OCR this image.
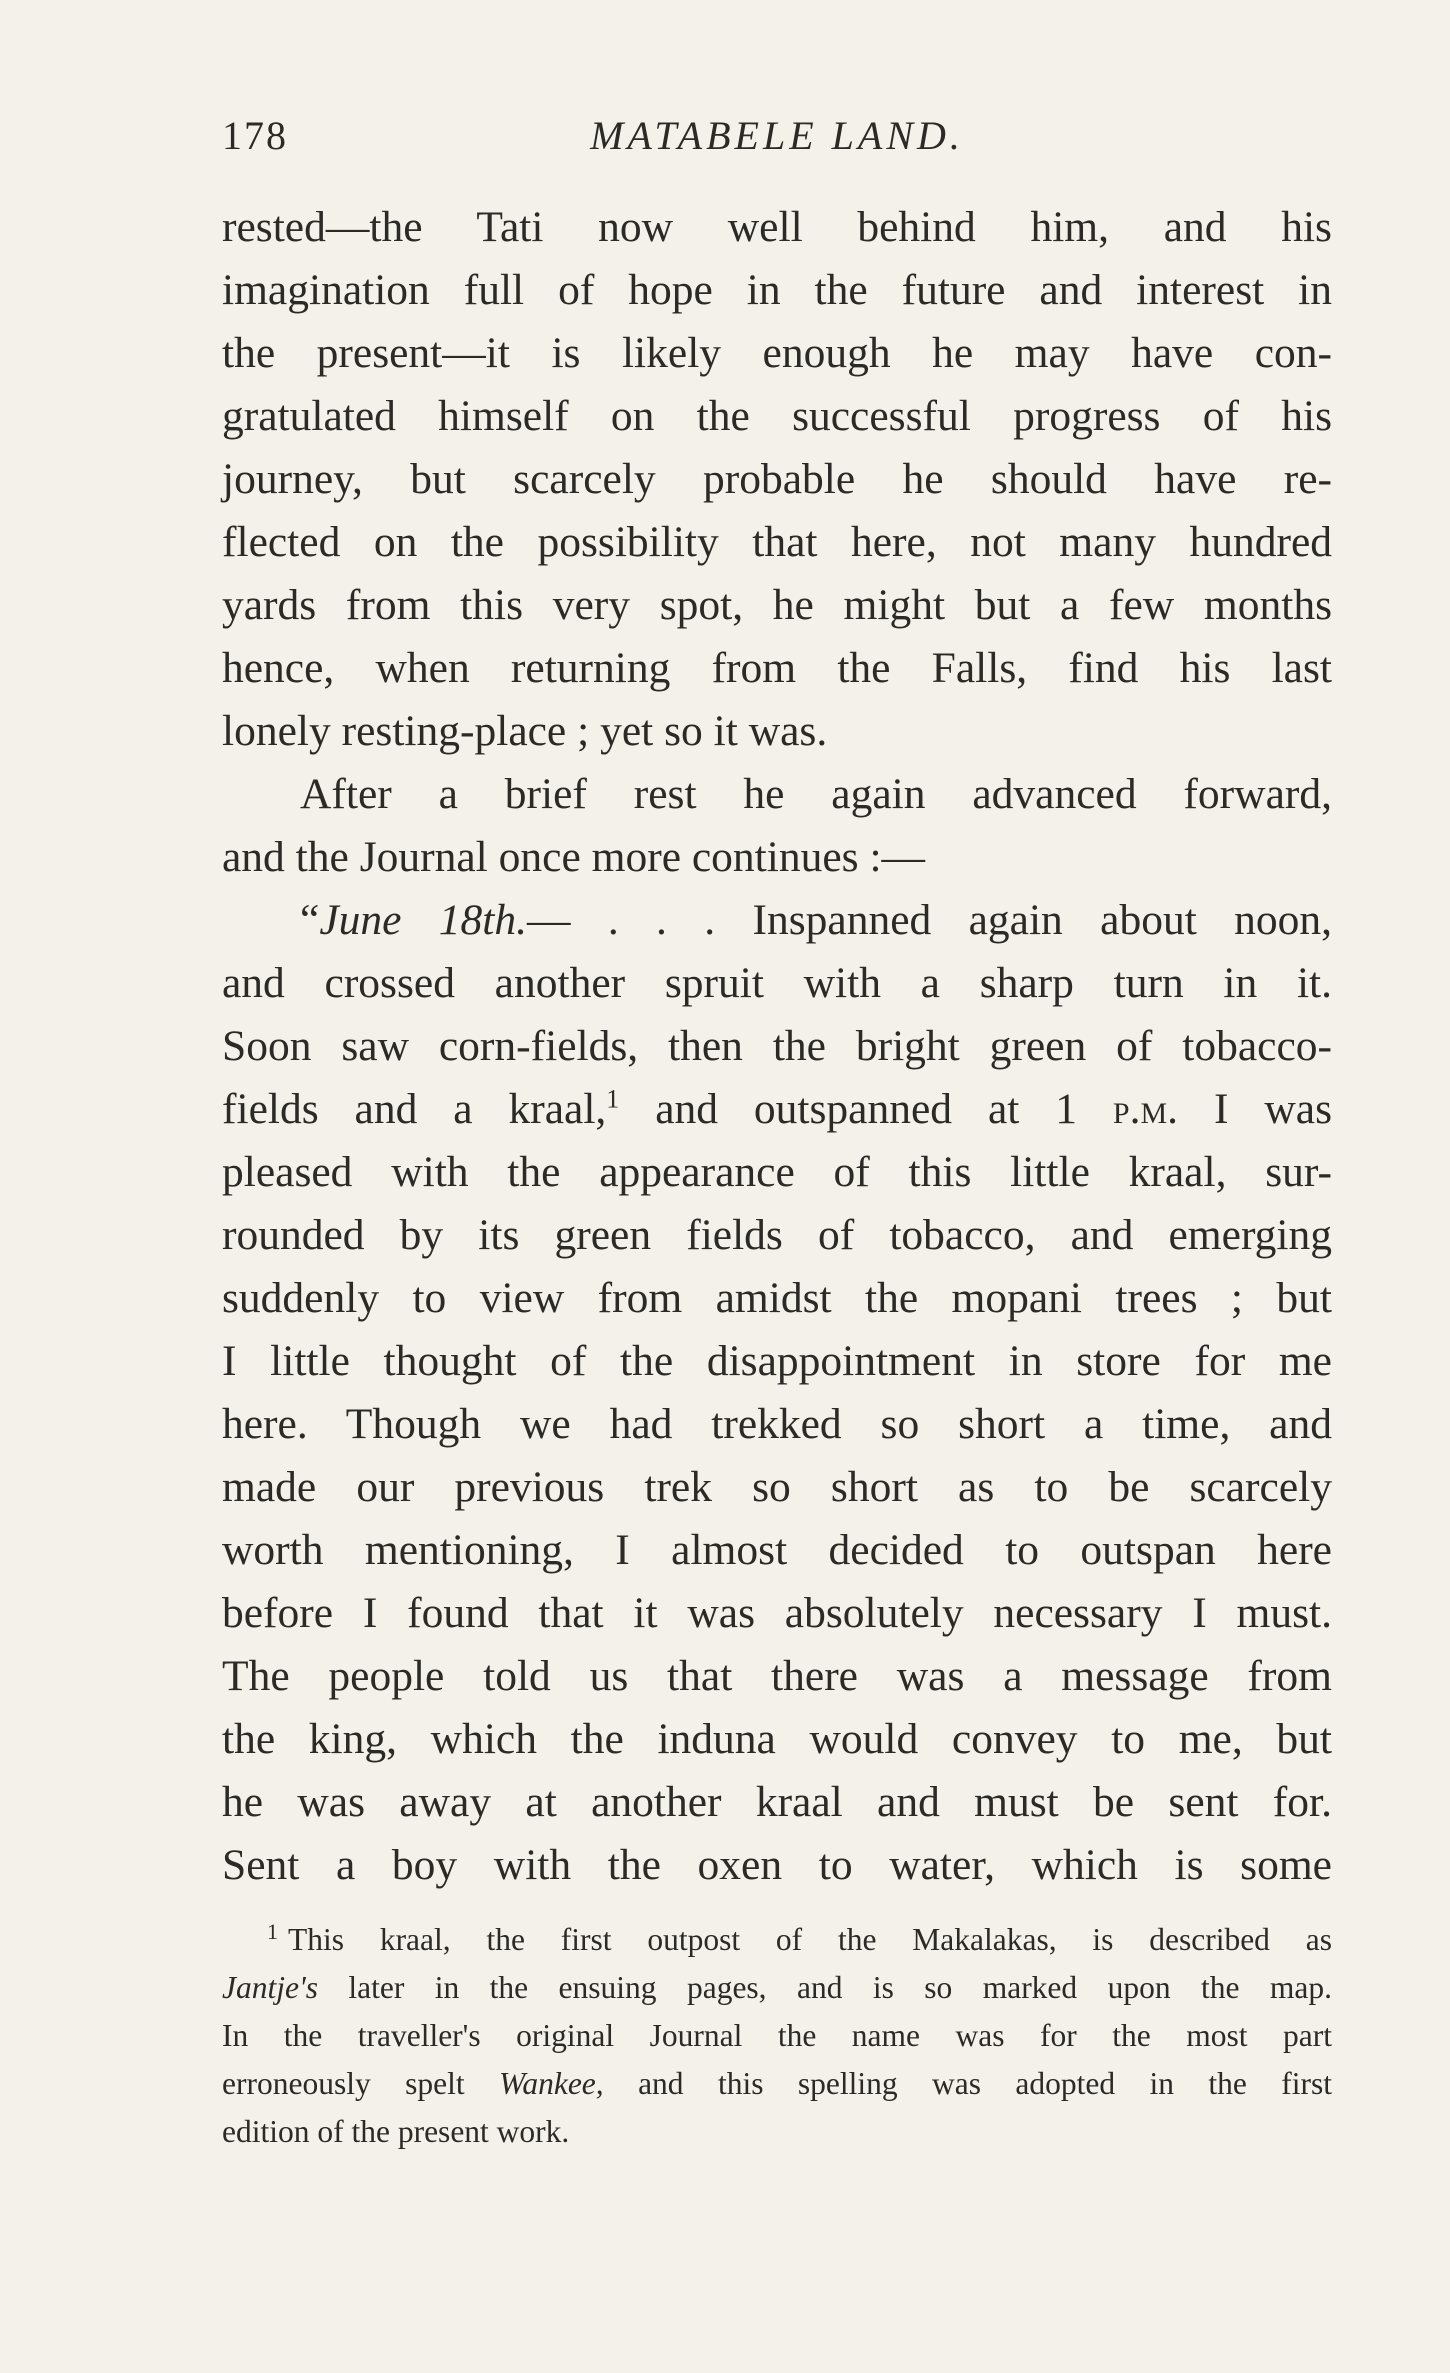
178	MATABELE LAND.
rested—the Tati now well behind him, and his
imagination full of hope in the future and interest in
the present—it is likely enough he may have con-
gratulated himself on the successful progress of his
journey, but scarcely probable he should have re-
flected on the possibility that here, not many hundred
yards from this very spot, he might but a few months
hence, when returning from the Falls, find his last
lonely resting-place ; yet so it was.
After a brief rest he again advanced forward,
and the Journal once more continues :—
“June 18th.— . . . Inspanned again about noon,
and crossed another spruit with a sharp turn in it.
Soon saw corn-fields, then the bright green of tobacco-
fields and a kraal,$^1$ and outspanned at 1 p.m. I was
pleased with the appearance of this little kraal, sur-
rounded by its green fields of tobacco, and emerging
suddenly to view from amidst the mopani trees ; but
I little thought of the disappointment in store for me
here. Though we had trekked so short a time, and
made our previous trek so short as to be scarcely
worth mentioning, I almost decided to outspan here
before I found that it was absolutely necessary I must.
The people told us that there was a message from
the king, which the induna would convey to me, but
he was away at another kraal and must be sent for.
Sent a boy with the oxen to water, which is some
$^1$ This kraal, the first outpost of the Makalakas, is described as
Jantje's later in the ensuing pages, and is so marked upon the map.
In the traveller's original Journal the name was for the most part
erroneously spelt Wankee, and this spelling was adopted in the first
edition of the present work.
